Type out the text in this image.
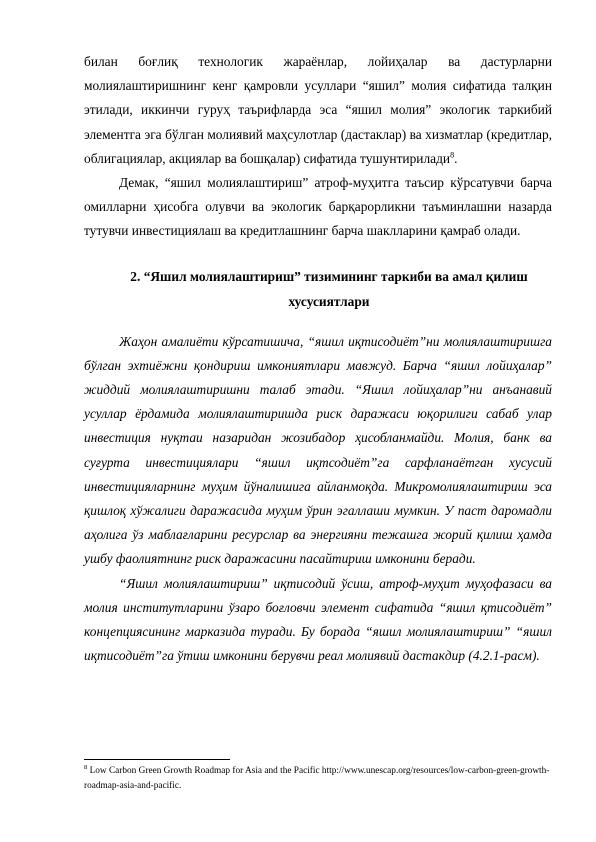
билан боғлиқ технологик жараёнлар, лойиҳалар ва дастурларни молиялаштиришнинг кенг қамровли усуллари “яшил” молия сифатида талқин этилади, иккинчи гуруҳ таърифларда эса “яшил молия” экологик таркибий элементга эга бўлган молиявий маҳсулотлар (дастаклар) ва хизматлар (кредитлар, облигациялар, акциялар ва бошқалар) сифатида тушунтирилади$^8$.

Демак, “яшил молиялаштириш” атроф-муҳитга таъсир кўрсатувчи барча омилларни ҳисобга олувчи ва экологик барқарорликни таъминлашни назарда тутувчи инвестициялаш ва кредитлашнинг барча шаклларини қамраб олади.

2. “Яшил молиялаштириш” тизимининг таркиби ва амал қилиш хусусиятлари

Жаҳон амалиёти кўрсатишича, “яшил иқтисодиёт”ни молиялаштиришга бўлган эхтиёжни қондириш имкониятлари мавжуд. Барча “яшил лойиҳалар” жиддий молиялаштиришни талаб этади. “Яшил лойиҳалар”ни анъанавий усуллар ёрдамида молиялаштиришда риск даражаси юқорилиги сабаб улар инвестиция нуқтаи назаридан жозибадор ҳисобланмайди. Молия, банк ва суғурта инвестициялари “яшил иқтсодиёт”га сарфланаётган хусусий инвестицияларнинг муҳим йўналишига айланмоқда. Микромолиялаштириш эса қишлоқ хўжалиги даражасида муҳим ўрин эгаллаши мумкин. У паст даромадли аҳолига ўз маблағларини ресурслар ва энергияни тежашга жорий қилиш ҳамда ушбу фаолиятнинг риск даражасини пасайтириш имконини беради.

“Яшил молиялаштириш” иқтисодий ўсиш, атроф-муҳит муҳофазаси ва молия институтларини ўзаро боғловчи элемент сифатида “яшил қтисодиёт” концепциясининг марказида туради. Бу борада “яшил молиялаштириш” “яшил иқтисодиёт”га ўтиш имконини берувчи реал молиявий дастакдир (4.2.1-расм).

$^8$ Low Carbon Green Growth Roadmap for Asia and the Pacific http://www.unescap.org/resources/low-carbon-green-growth-roadmap-asia-and-pacific.
